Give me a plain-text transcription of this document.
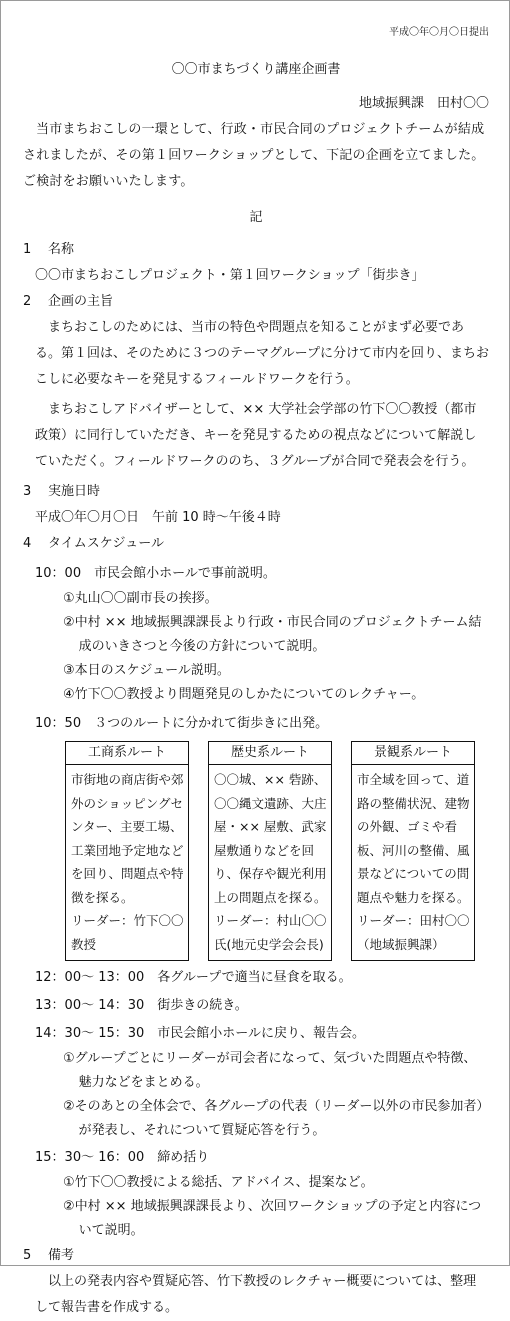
平成〇年〇月〇日提出
〇〇市まちづくり講座企画書
地域振興課　田村〇〇
当市まちおこしの一環として、行政・市民合同のプロジェクトチームが結成されましたが、その第１回ワークショップとして、下記の企画を立てました。ご検討をお願いいたします。
記
1 名称
〇〇市まちおこしプロジェクト・第１回ワークショップ「街歩き」
2 企画の主旨
まちおこしのためには、当市の特色や問題点を知ることがまず必要である。第１回は、そのために３つのテーマグループに分けて市内を回り、まちおこしに必要なキーを発見するフィールドワークを行う。
まちおこしアドバイザーとして、×× 大学社会学部の竹下〇〇教授（都市政策）に同行していただき、キーを発見するための視点などについて解説していただく。フィールドワークののち、３グループが合同で発表会を行う。
3 実施日時
平成〇年〇月〇日　午前 10 時〜午後４時
4 タイムスケジュール
10：00　市民会館小ホールで事前説明。
①丸山〇〇副市長の挨拶。
②中村 ×× 地域振興課課長より行政・市民合同のプロジェクトチーム結成のいきさつと今後の方針について説明。
③本日のスケジュール説明。
④竹下〇〇教授より問題発見のしかたについてのレクチャー。
10：50　３つのルートに分かれて街歩きに出発。
工商系ルート
市街地の商店街や郊外のショッピングセンター、主要工場、工業団地予定地などを回り、問題点や特徴を探る。
リーダー：竹下〇〇教授
歴史系ルート
〇〇城、×× 砦跡、〇〇縄文遺跡、大庄屋・×× 屋敷、武家屋敷通りなどを回り、保存や観光利用上の問題点を探る。
リーダー：村山〇〇氏(地元史学会会長)
景観系ルート
市全域を回って、道路の整備状況、建物の外観、ゴミや看板、河川の整備、風景などについての問題点や魅力を探る。
リーダー：田村〇〇（地域振興課）
12：00〜 13：00　各グループで適当に昼食を取る。
13：00〜 14：30　街歩きの続き。
14：30〜 15：30　市民会館小ホールに戻り、報告会。
①グループごとにリーダーが司会者になって、気づいた問題点や特徴、魅力などをまとめる。
②そのあとの全体会で、各グループの代表（リーダー以外の市民参加者）が発表し、それについて質疑応答を行う。
15：30〜 16：00　締め括り
①竹下〇〇教授による総括、アドバイス、提案など。
②中村 ×× 地域振興課課長より、次回ワークショップの予定と内容について説明。
5 備考
以上の発表内容や質疑応答、竹下教授のレクチャー概要については、整理して報告書を作成する。
